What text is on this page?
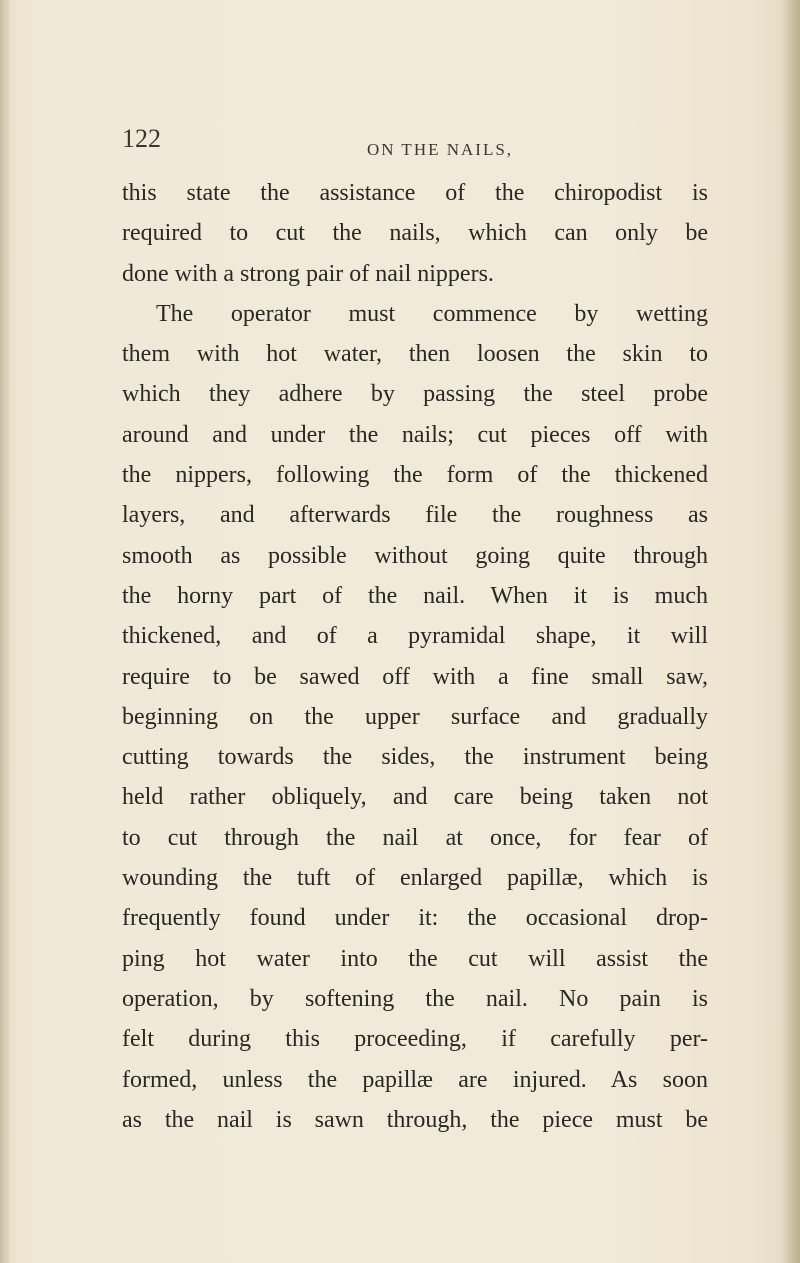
122	ON THE NAILS,
this state the assistance of the chiropodist is
required to cut the nails, which can only be
done with a strong pair of nail nippers.
The operator must commence by wetting
them with hot water, then loosen the skin to
which they adhere by passing the steel probe
around and under the nails; cut pieces off with
the nippers, following the form of the thickened
layers, and afterwards file the roughness as
smooth as possible without going quite through
the horny part of the nail. When it is much
thickened, and of a pyramidal shape, it will
require to be sawed off with a fine small saw,
beginning on the upper surface and gradually
cutting towards the sides, the instrument being
held rather obliquely, and care being taken not
to cut through the nail at once, for fear of
wounding the tuft of enlarged papillæ, which is
frequently found under it: the occasional drop-
ping hot water into the cut will assist the
operation, by softening the nail. No pain is
felt during this proceeding, if carefully per-
formed, unless the papillæ are injured. As soon
as the nail is sawn through, the piece must be
